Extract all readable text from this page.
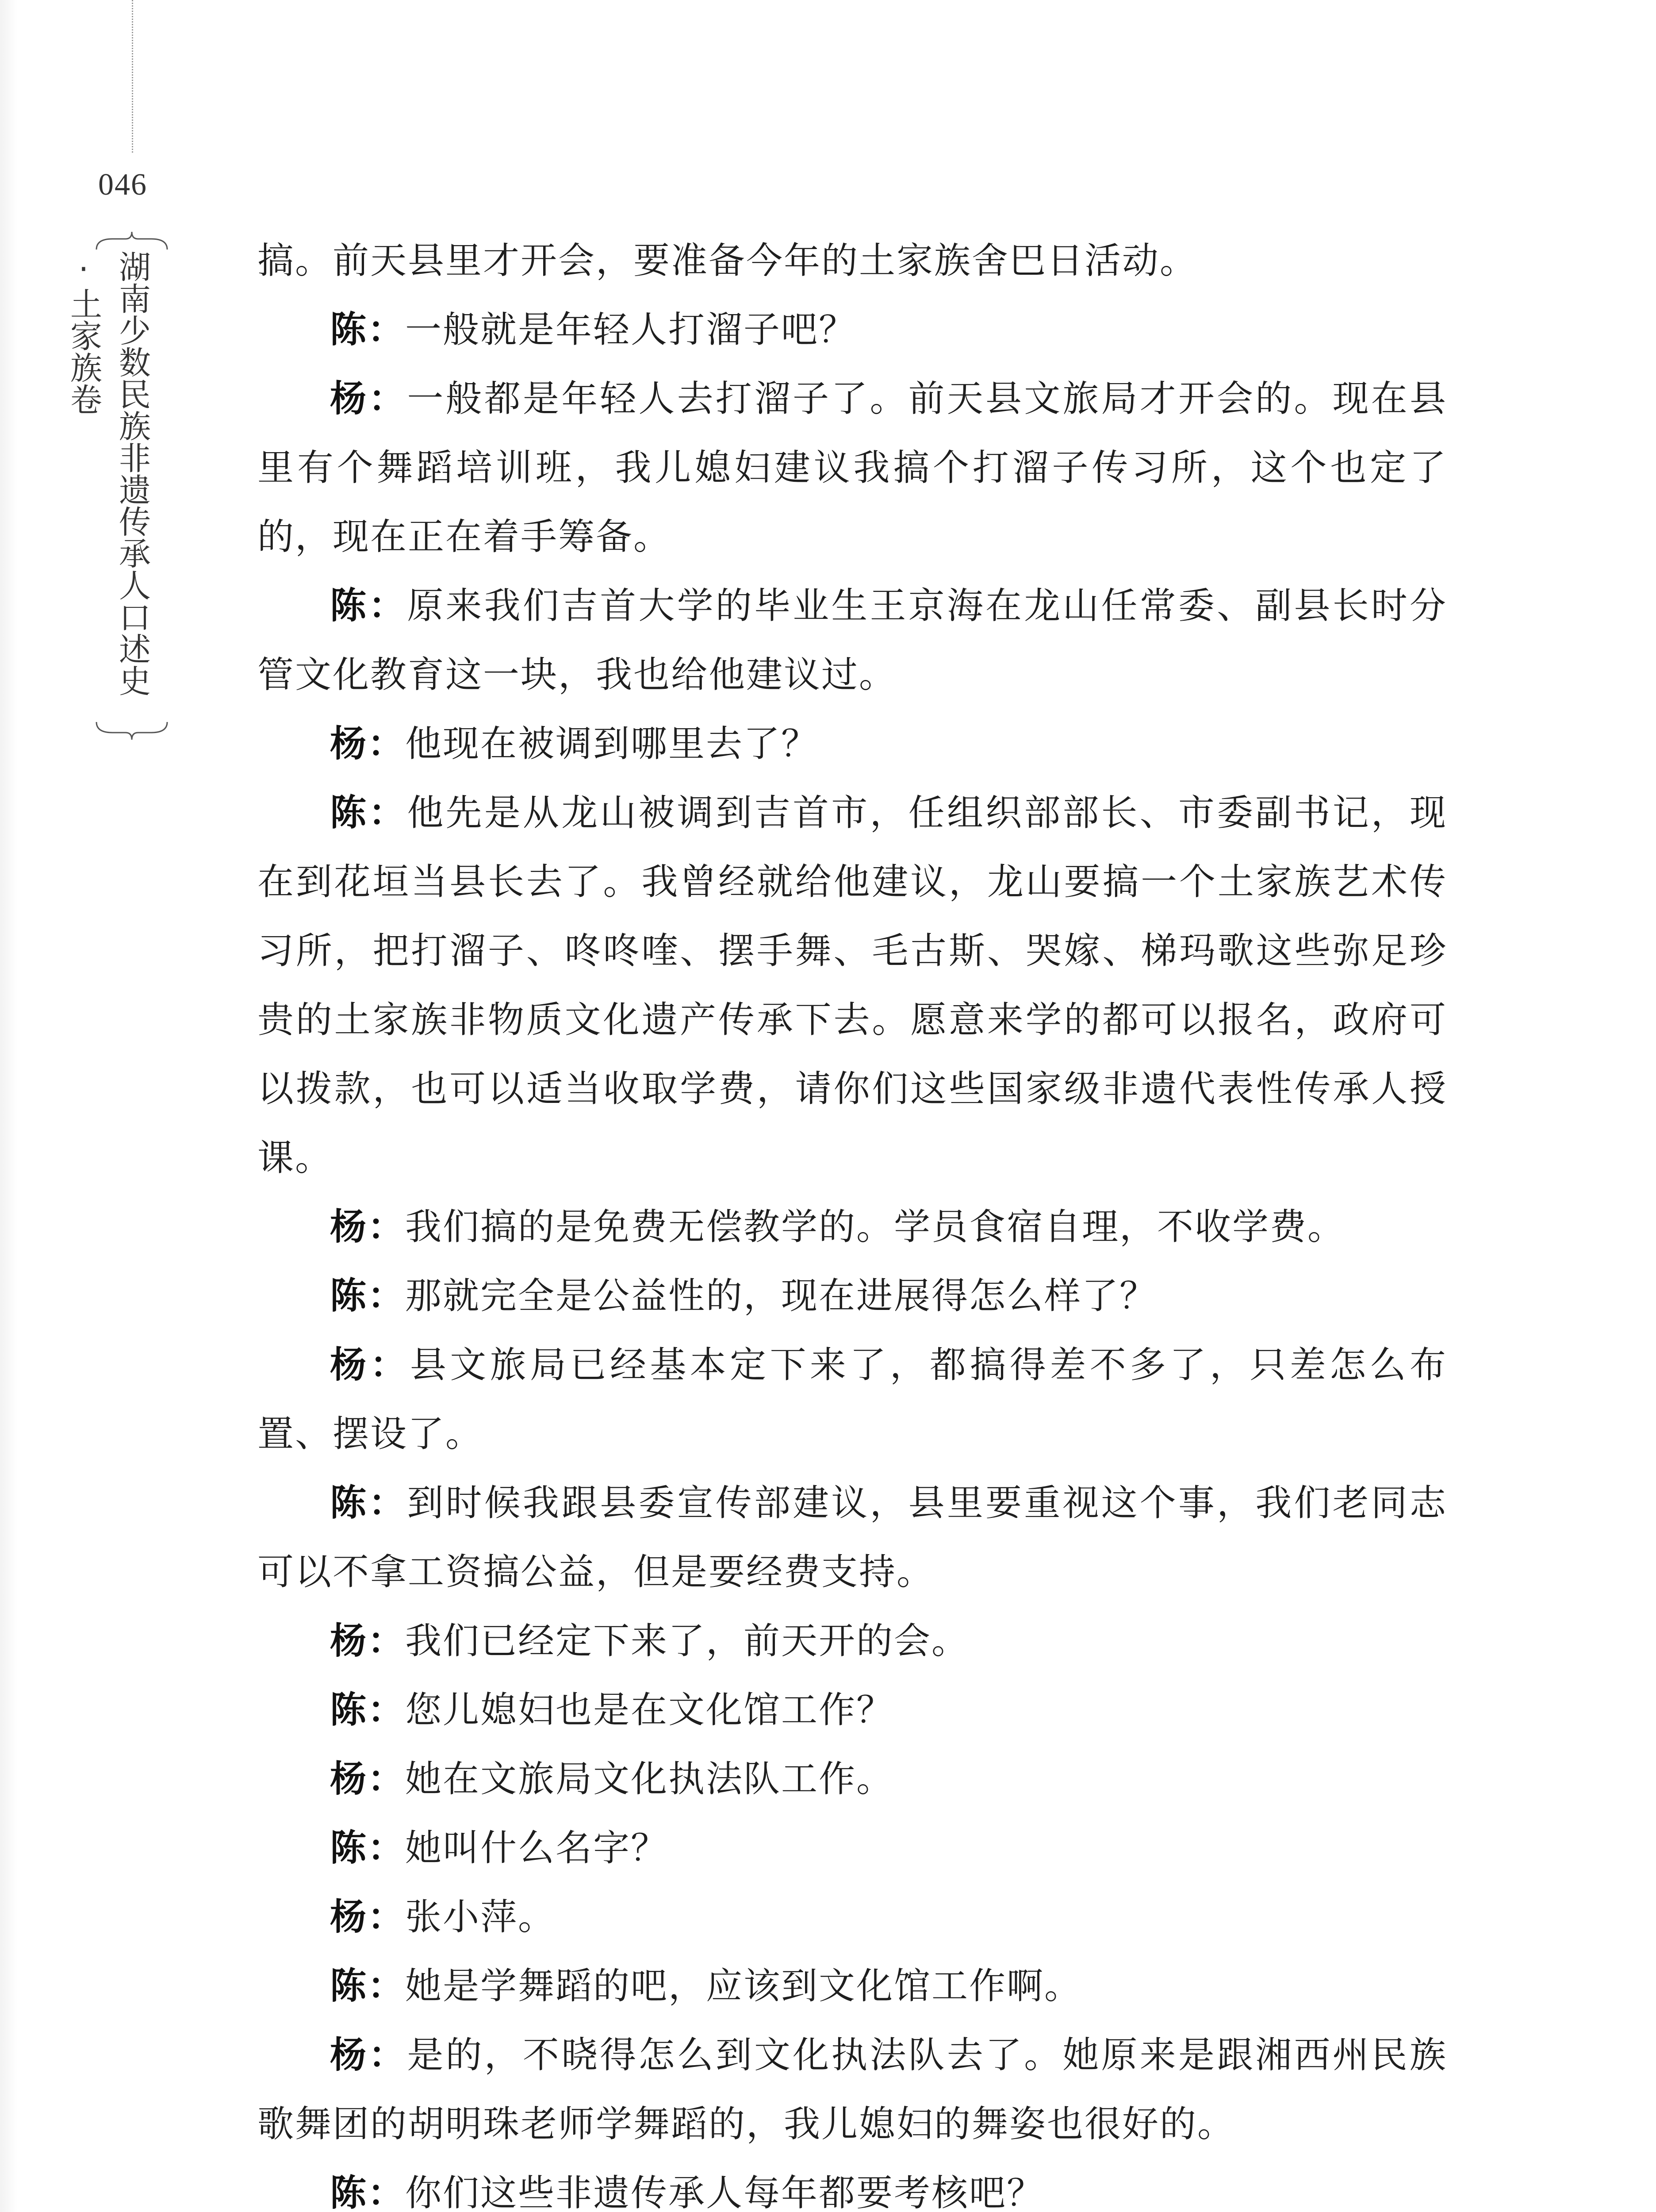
046
湖南少数民族非遗传承人口述史·土家族卷	搞。前天县里才开会，要准备今年的土家族舍巴日活动。

陈：一般就是年轻人打溜子吧？

杨：一般都是年轻人去打溜子了。前天县文旅局才开会的。现在县里有个舞蹈培训班，我儿媳妇建议我搞个打溜子传习所，这个也定了的，现在正在着手筹备。

陈：原来我们吉首大学的毕业生王京海在龙山任常委、副县长时分管文化教育这一块，我也给他建议过。

杨：他现在被调到哪里去了？

陈：他先是从龙山被调到吉首市，任组织部部长、市委副书记，现在到花垣当县长去了。我曾经就给他建议，龙山要搞一个土家族艺术传习所，把打溜子、咚咚喹、摆手舞、毛古斯、哭嫁、梯玛歌这些弥足珍贵的土家族非物质文化遗产传承下去。愿意来学的都可以报名，政府可以拨款，也可以适当收取学费，请你们这些国家级非遗代表性传承人授课。

杨：我们搞的是免费无偿教学的。学员食宿自理，不收学费。

陈：那就完全是公益性的，现在进展得怎么样了？

杨：县文旅局已经基本定下来了，都搞得差不多了，只差怎么布置、摆设了。

陈：到时候我跟县委宣传部建议，县里要重视这个事，我们老同志可以不拿工资搞公益，但是要经费支持。

杨：我们已经定下来了，前天开的会。

陈：您儿媳妇也是在文化馆工作？

杨：她在文旅局文化执法队工作。

陈：她叫什么名字？

杨：张小萍。

陈：她是学舞蹈的吧，应该到文化馆工作啊。

杨：是的，不晓得怎么到文化执法队去了。她原来是跟湘西州民族歌舞团的胡明珠老师学舞蹈的，我儿媳妇的舞姿也很好的。

陈：你们这些非遗传承人每年都要考核吧？
